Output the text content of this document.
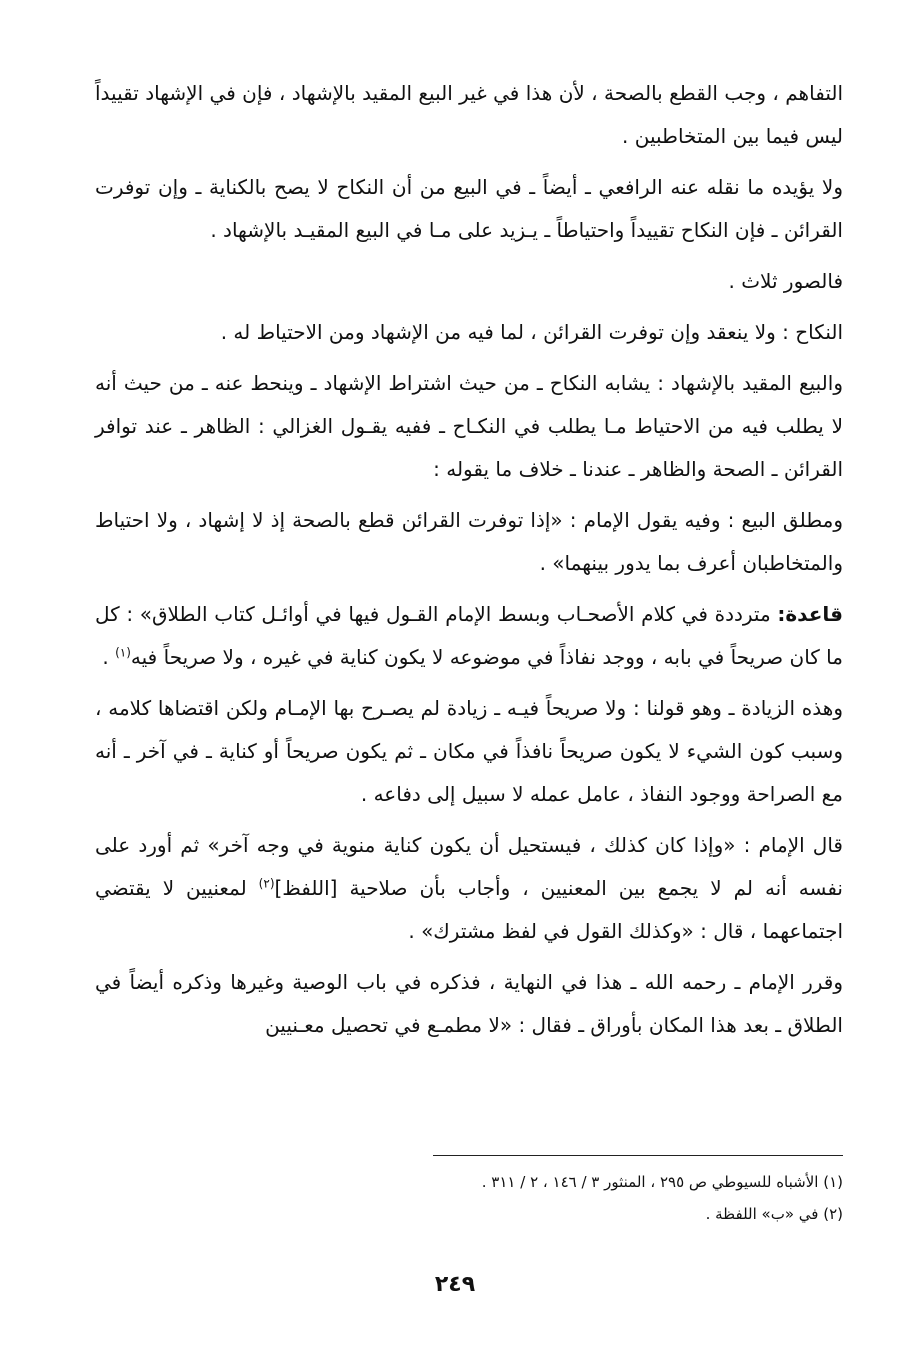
التفاهم ، وجب القطع بالصحة ، لأن هذا في غير البيع المقيد بالإشهاد ، فإن في الإشهاد تقييداً ليس فيما بين المتخاطبين .

ولا يؤيده ما نقله عنه الرافعي ـ أيضاً ـ في البيع من أن النكاح لا يصح بالكناية ـ وإن توفرت القرائن ـ فإن النكاح تقييداً واحتياطاً ـ يـزيد على مـا في البيع المقيـد بالإشهاد .

فالصور ثلاث .

النكاح : ولا ينعقد وإن توفرت القرائن ، لما فيه من الإشهاد ومن الاحتياط له .

والبيع المقيد بالإشهاد : يشابه النكاح ـ من حيث اشتراط الإشهاد ـ وينحط عنه ـ من حيث أنه لا يطلب فيه من الاحتياط مـا يطلب في النكـاح ـ ففيه يقـول الغزالي : الظاهر ـ عند توافر القرائن ـ الصحة والظاهر ـ عندنا ـ خلاف ما يقوله :

ومطلق البيع : وفيه يقول الإمام : «إذا توفرت القرائن قطع بالصحة إذ لا إشهاد ، ولا احتياط والمتخاطبان أعرف بما يدور بينهما» .

قاعدة: مترددة في كلام الأصحـاب وبسط الإمام القـول فيها في أوائـل كتاب الطلاق» : كل ما كان صريحاً في بابه ، ووجد نفاذاً في موضوعه لا يكون كناية في غيره ، ولا صريحاً فيه$^{(١)}$ .

وهذه الزيادة ـ وهو قولنا : ولا صريحاً فيـه ـ زيادة لم يصـرح بها الإمـام ولكن اقتضاها كلامه ، وسبب كون الشيء لا يكون صريحاً نافذاً في مكان ـ ثم يكون صريحاً أو كناية ـ في آخر ـ أنه مع الصراحة ووجود النفاذ ، عامل عمله لا سبيل إلى دفاعه .

قال الإمام : «وإذا كان كذلك ، فيستحيل أن يكون كناية منوية في وجه آخر» ثم أورد على نفسه أنه لم لا يجمع بين المعنيين ، وأجاب بأن صلاحية [اللفظ]$^{(٢)}$ لمعنيين لا يقتضي اجتماعهما ، قال : «وكذلك القول في لفظ مشترك» .

وقرر الإمام ـ رحمه الله ـ هذا في النهاية ، فذكره في باب الوصية وغيرها وذكره أيضاً في الطلاق ـ بعد هذا المكان بأوراق ـ فقال : «لا مطمـع في تحصيل معـنيين

(١) الأشباه للسيوطي ص ٢٩٥ ، المنثور ٣ / ١٤٦ ، ٢ / ٣١١ .

(٢) في «ب» اللفظة .

٢٤٩
